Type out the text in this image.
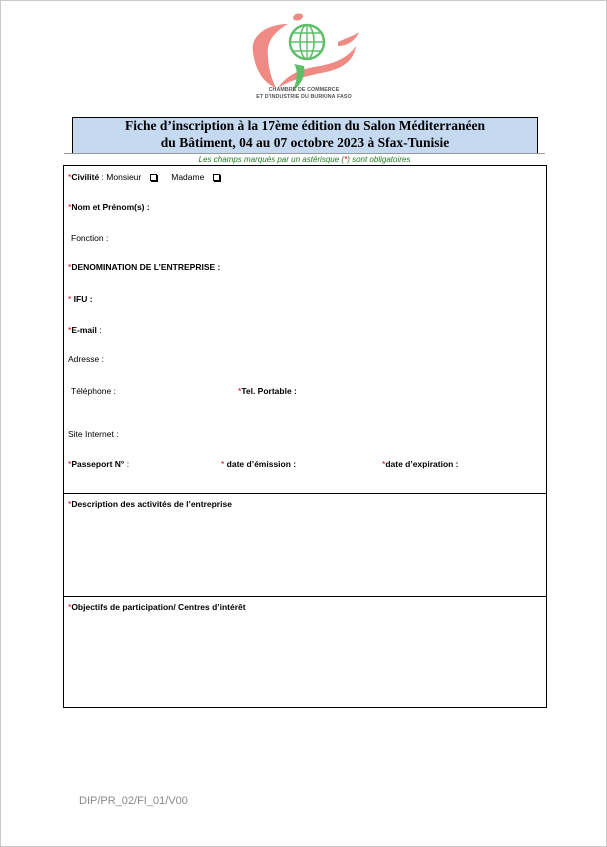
CHAMBRE DE COMMERCE
ET D'INDUSTRIE DU BURKINA FASO
Fiche d’inscription à la 17ème édition du Salon Méditerranéen
du Bâtiment, 04 au 07 octobre 2023 à Sfax-Tunisie
Les champs marqués par un astérisque (*) sont obligatoires
*Civilité : Monsieur	Madame
*Nom et Prénom(s) :
Fonction :
*DENOMINATION DE L’ENTREPRISE :
* IFU :
*E-mail :
Adresse :
Téléphone :	*Tel. Portable :
Site Internet :
*Passeport N° :	* date d’émission :	*date d’expiration :
*Description des activités de l’entreprise
*Objectifs de participation/ Centres d’intérêt
DIP/PR_02/FI_01/V00
